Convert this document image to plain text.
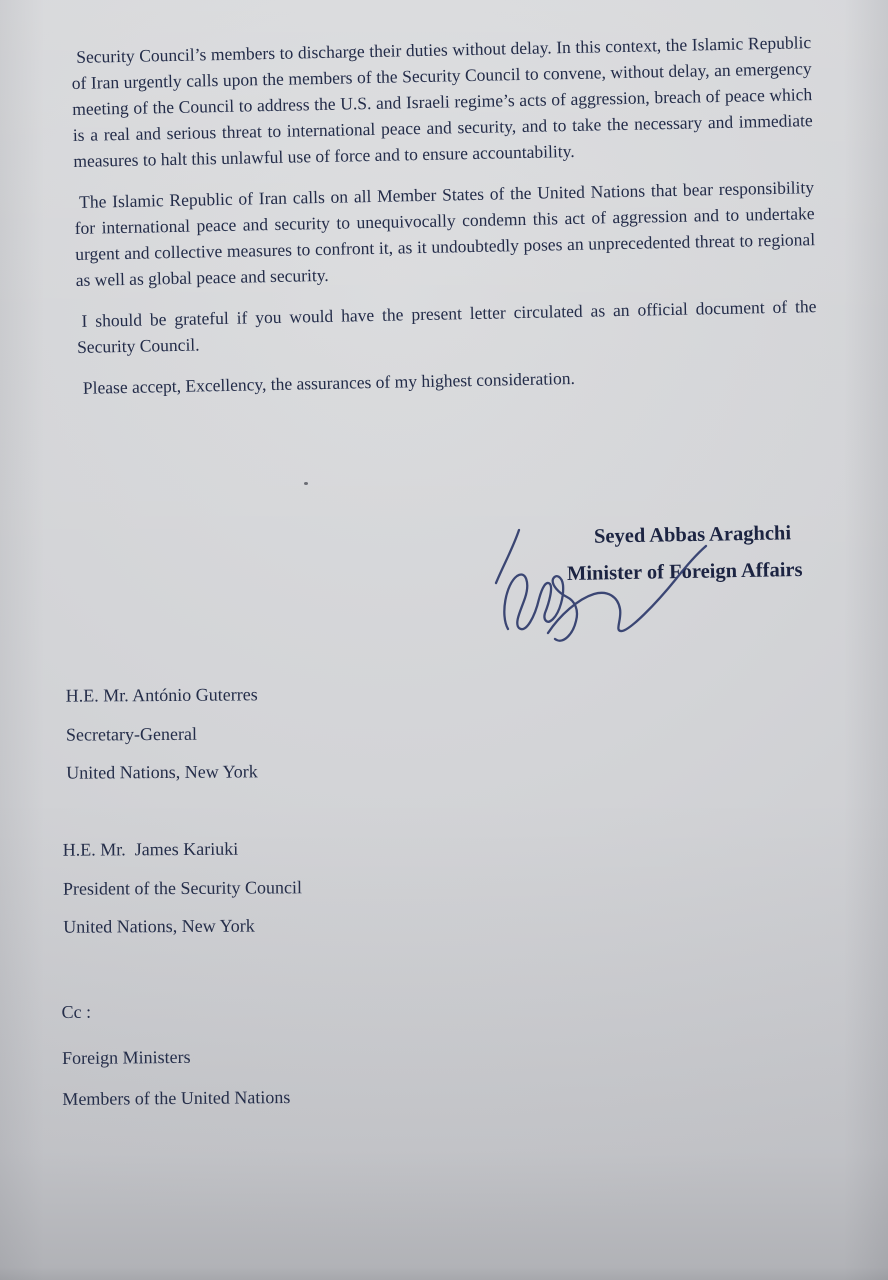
Security Council’s members to discharge their duties without delay. In this context, the Islamic Republic of Iran urgently calls upon the members of the Security Council to convene, without delay, an emergency meeting of the Council to address the U.S. and Israeli regime’s acts of aggression, breach of peace which is a real and serious threat to international peace and security, and to take the necessary and immediate measures to halt this unlawful use of force and to ensure accountability.

The Islamic Republic of Iran calls on all Member States of the United Nations that bear responsibility for international peace and security to unequivocally condemn this act of aggression and to undertake urgent and collective measures to confront it, as it undoubtedly poses an unprecedented threat to regional as well as global peace and security.

I should be grateful if you would have the present letter circulated as an official document of the Security Council.

Please accept, Excellency, the assurances of my highest consideration.

Seyed Abbas Araghchi
Minister of Foreign Affairs
H.E. Mr. António Guterres
Secretary-General
United Nations, New York
H.E. Mr.  James Kariuki
President of the Security Council
United Nations, New York
Cc :
Foreign Ministers
Members of the United Nations
